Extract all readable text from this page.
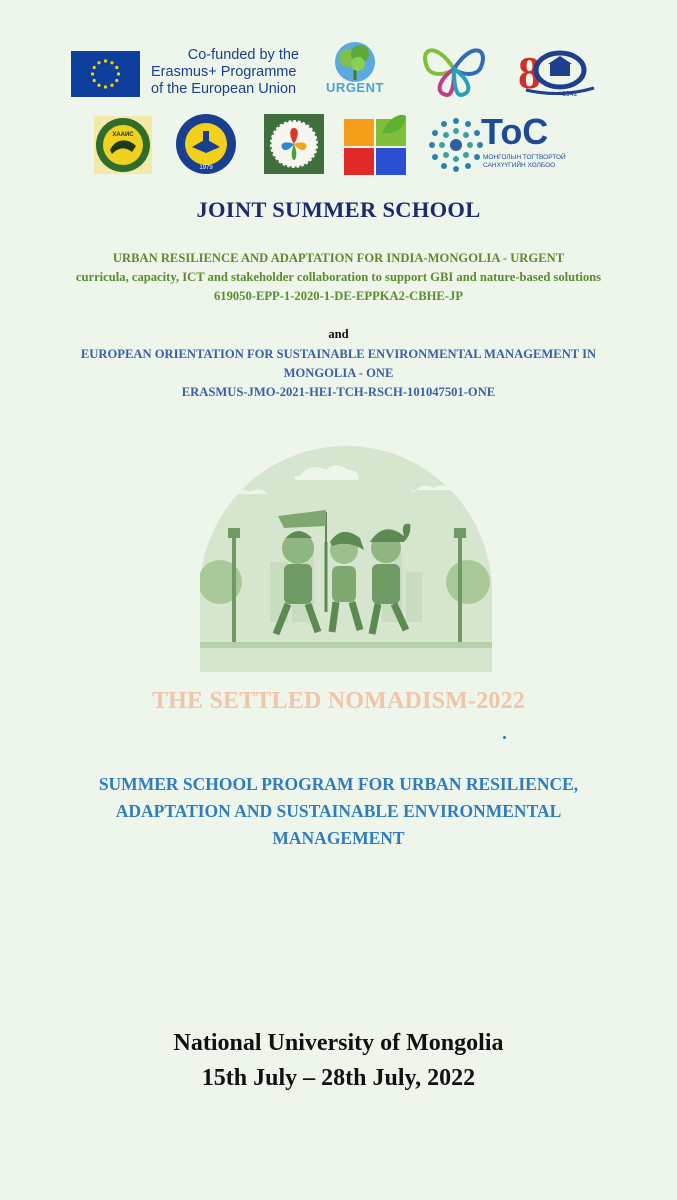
Co-funded by the
Erasmus+ Programme
of the European Union	URGENT	8	1942
ХААИС
1979
ToC
МОНГОЛЫН ТОГТВОРТОЙ
САНХҮҮГИЙН ХОЛБОО
JOINT SUMMER SCHOOL
URBAN RESILIENCE AND ADAPTATION FOR INDIA-MONGOLIA - URGENT
curricula, capacity, ICT and stakeholder collaboration to support GBI and nature-based solutions
619050-EPP-1-2020-1-DE-EPPKA2-CBHE-JP
and
EUROPEAN ORIENTATION FOR SUSTAINABLE ENVIRONMENTAL MANAGEMENT IN
MONGOLIA - ONE
ERASMUS-JMO-2021-HEI-TCH-RSCH-101047501-ONE
THE SETTLED NOMADISM-2022
SUMMER SCHOOL PROGRAM FOR URBAN RESILIENCE,
ADAPTATION AND SUSTAINABLE ENVIRONMENTAL
MANAGEMENT
National University of Mongolia
15th July – 28th July, 2022
